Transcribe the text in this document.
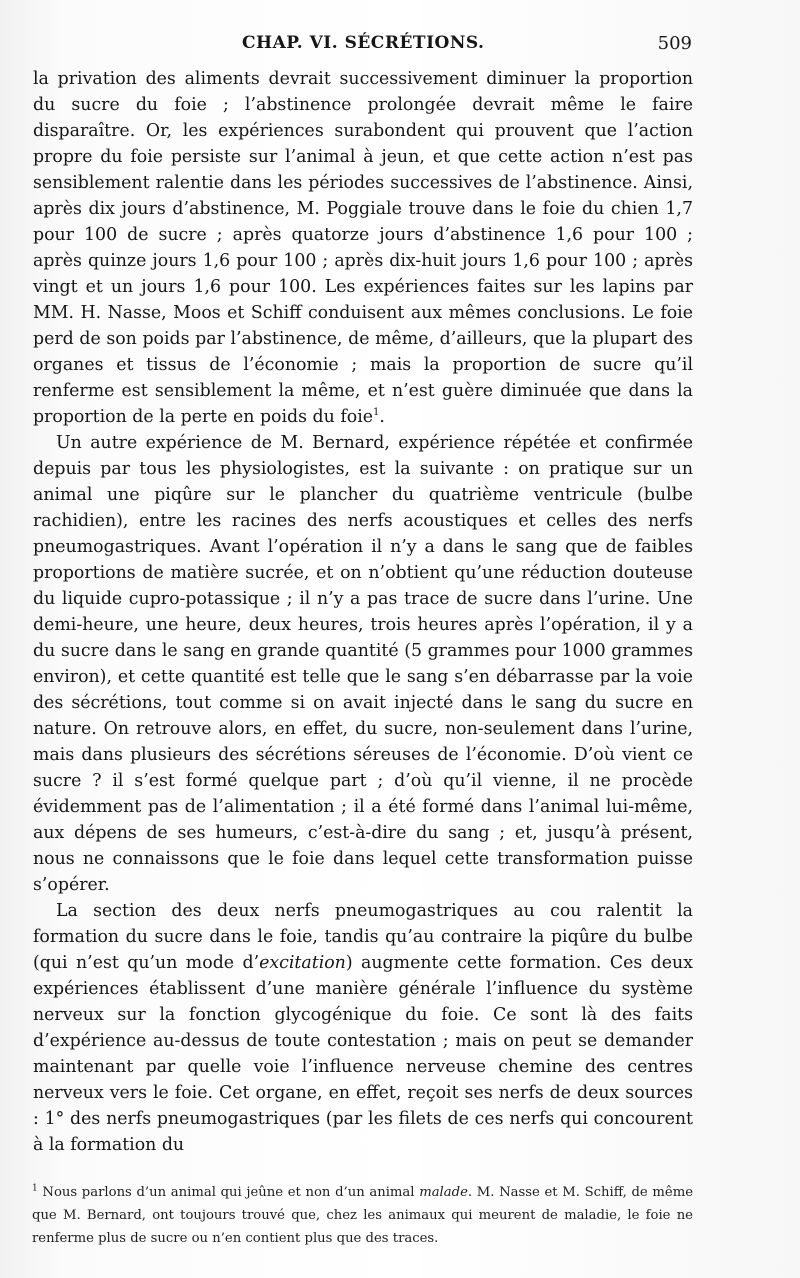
CHAP. VI. SÉCRÉTIONS.	509

la privation des aliments devrait successivement diminuer la proportion du sucre du foie ; l’abstinence prolongée devrait même le faire disparaître. Or, les expériences surabondent qui prouvent que l’action propre du foie persiste sur l’animal à jeun, et que cette action n’est pas sensiblement ralentie dans les périodes successives de l’abstinence. Ainsi, après dix jours d’abstinence, M. Poggiale trouve dans le foie du chien 1,7 pour 100 de sucre ; après quatorze jours d’abstinence 1,6 pour 100 ; après quinze jours 1,6 pour 100 ; après dix-huit jours 1,6 pour 100 ; après vingt et un jours 1,6 pour 100. Les expériences faites sur les lapins par MM. H. Nasse, Moos et Schiff conduisent aux mêmes conclusions. Le foie perd de son poids par l’abstinence, de même, d’ailleurs, que la plupart des organes et tissus de l’économie ; mais la proportion de sucre qu’il renferme est sensiblement la même, et n’est guère diminuée que dans la proportion de la perte en poids du foie$^1$.

Un autre expérience de M. Bernard, expérience répétée et confirmée depuis par tous les physiologistes, est la suivante : on pratique sur un animal une piqûre sur le plancher du quatrième ventricule (bulbe rachidien), entre les racines des nerfs acoustiques et celles des nerfs pneumogastriques. Avant l’opération il n’y a dans le sang que de faibles proportions de matière sucrée, et on n’obtient qu’une réduction douteuse du liquide cupro-potassique ; il n’y a pas trace de sucre dans l’urine. Une demi-heure, une heure, deux heures, trois heures après l’opération, il y a du sucre dans le sang en grande quantité (5 grammes pour 1000 grammes environ), et cette quantité est telle que le sang s’en débarrasse par la voie des sécrétions, tout comme si on avait injecté dans le sang du sucre en nature. On retrouve alors, en effet, du sucre, non-seulement dans l’urine, mais dans plusieurs des sécrétions séreuses de l’économie. D’où vient ce sucre ? il s’est formé quelque part ; d’où qu’il vienne, il ne procède évidemment pas de l’alimentation ; il a été formé dans l’animal lui-même, aux dépens de ses humeurs, c’est-à-dire du sang ; et, jusqu’à présent, nous ne connaissons que le foie dans lequel cette transformation puisse s’opérer.

La section des deux nerfs pneumogastriques au cou ralentit la formation du sucre dans le foie, tandis qu’au contraire la piqûre du bulbe (qui n’est qu’un mode d’excitation) augmente cette formation. Ces deux expériences établissent d’une manière générale l’influence du système nerveux sur la fonction glycogénique du foie. Ce sont là des faits d’expérience au-dessus de toute contestation ; mais on peut se demander maintenant par quelle voie l’influence nerveuse chemine des centres nerveux vers le foie. Cet organe, en effet, reçoit ses nerfs de deux sources : 1° des nerfs pneumogastriques (par les filets de ces nerfs qui concourent à la formation du

$^1$ Nous parlons d’un animal qui jeûne et non d’un animal malade. M. Nasse et M. Schiff, de même que M. Bernard, ont toujours trouvé que, chez les animaux qui meurent de maladie, le foie ne renferme plus de sucre ou n’en contient plus que des traces.
